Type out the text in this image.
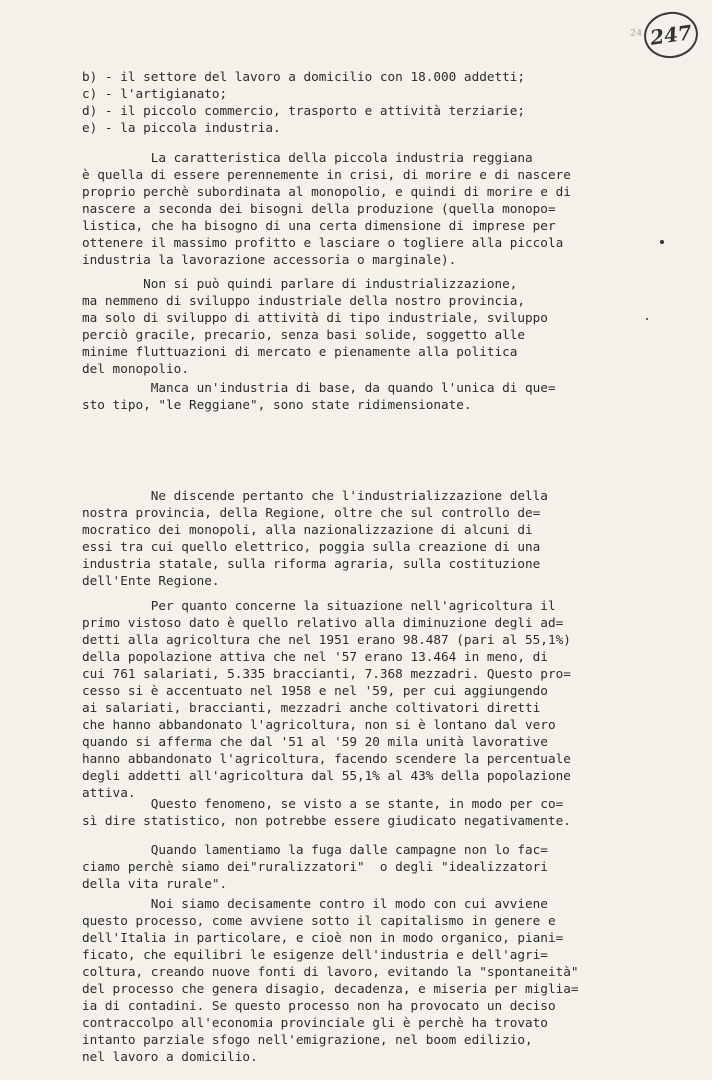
24 247
b) - il settore del lavoro a domicilio con 18.000 addetti;
c) - l'artigianato;
d) - il piccolo commercio, trasporto e attività terziarie;
e) - la piccola industria.
La caratteristica della piccola industria reggiana
è quella di essere perennemente in crisi, di morire e di nascere
proprio perchè subordinata al monopolio, e quindi di morire e di
nascere a seconda dei bisogni della produzione (quella monopo=
listica, che ha bisogno di una certa dimensione di imprese per
ottenere il massimo profitto e lasciare o togliere alla piccola
industria la lavorazione accessoria o marginale).
Non si può quindi parlare di industrializzazione,
ma nemmeno di sviluppo industriale della nostro provincia,
ma solo di sviluppo di attività di tipo industriale, sviluppo
perciò gracile, precario, senza basi solide, soggetto alle
minime fluttuazioni di mercato e pienamente alla politica
del monopolio.
Manca un'industria di base, da quando l'unica di que=
sto tipo, "le Reggiane", sono state ridimensionate.
Ne discende pertanto che l'industrializzazione della
nostra provincia, della Regione, oltre che sul controllo de=
mocratico dei monopoli, alla nazionalizzazione di alcuni di
essi tra cui quello elettrico, poggia sulla creazione di una
industria statale, sulla riforma agraria, sulla costituzione
dell'Ente Regione.
Per quanto concerne la situazione nell'agricoltura il
primo vistoso dato è quello relativo alla diminuzione degli ad=
detti alla agricoltura che nel 1951 erano 98.487 (pari al 55,1%)
della popolazione attiva che nel '57 erano 13.464 in meno, di
cui 761 salariati, 5.335 braccianti, 7.368 mezzadri. Questo pro=
cesso si è accentuato nel 1958 e nel '59, per cui aggiungendo
ai salariati, braccianti, mezzadri anche coltivatori diretti
che hanno abbandonato l'agricoltura, non si è lontano dal vero
quando si afferma che dal '51 al '59 20 mila unità lavorative
hanno abbandonato l'agricoltura, facendo scendere la percentuale
degli addetti all'agricoltura dal 55,1% al 43% della popolazione
attiva.
Questo fenomeno, se visto a se stante, in modo per co=
sì dire statistico, non potrebbe essere giudicato negativamente.
Quando lamentiamo la fuga dalle campagne non lo fac=
ciamo perchè siamo dei"ruralizzatori"  o degli "idealizzatori
della vita rurale".
Noi siamo decisamente contro il modo con cui avviene
questo processo, come avviene sotto il capitalismo in genere e
dell'Italia in particolare, e cioè non in modo organico, piani=
ficato, che equilibri le esigenze dell'industria e dell'agri=
coltura, creando nuove fonti di lavoro, evitando la "spontaneità"
del processo che genera disagio, decadenza, e miseria per miglia=
ia di contadini. Se questo processo non ha provocato un deciso
contraccolpo all'economia provinciale gli è perchè ha trovato
intanto parziale sfogo nell'emigrazione, nel boom edilizio,
nel lavoro a domicilio.
